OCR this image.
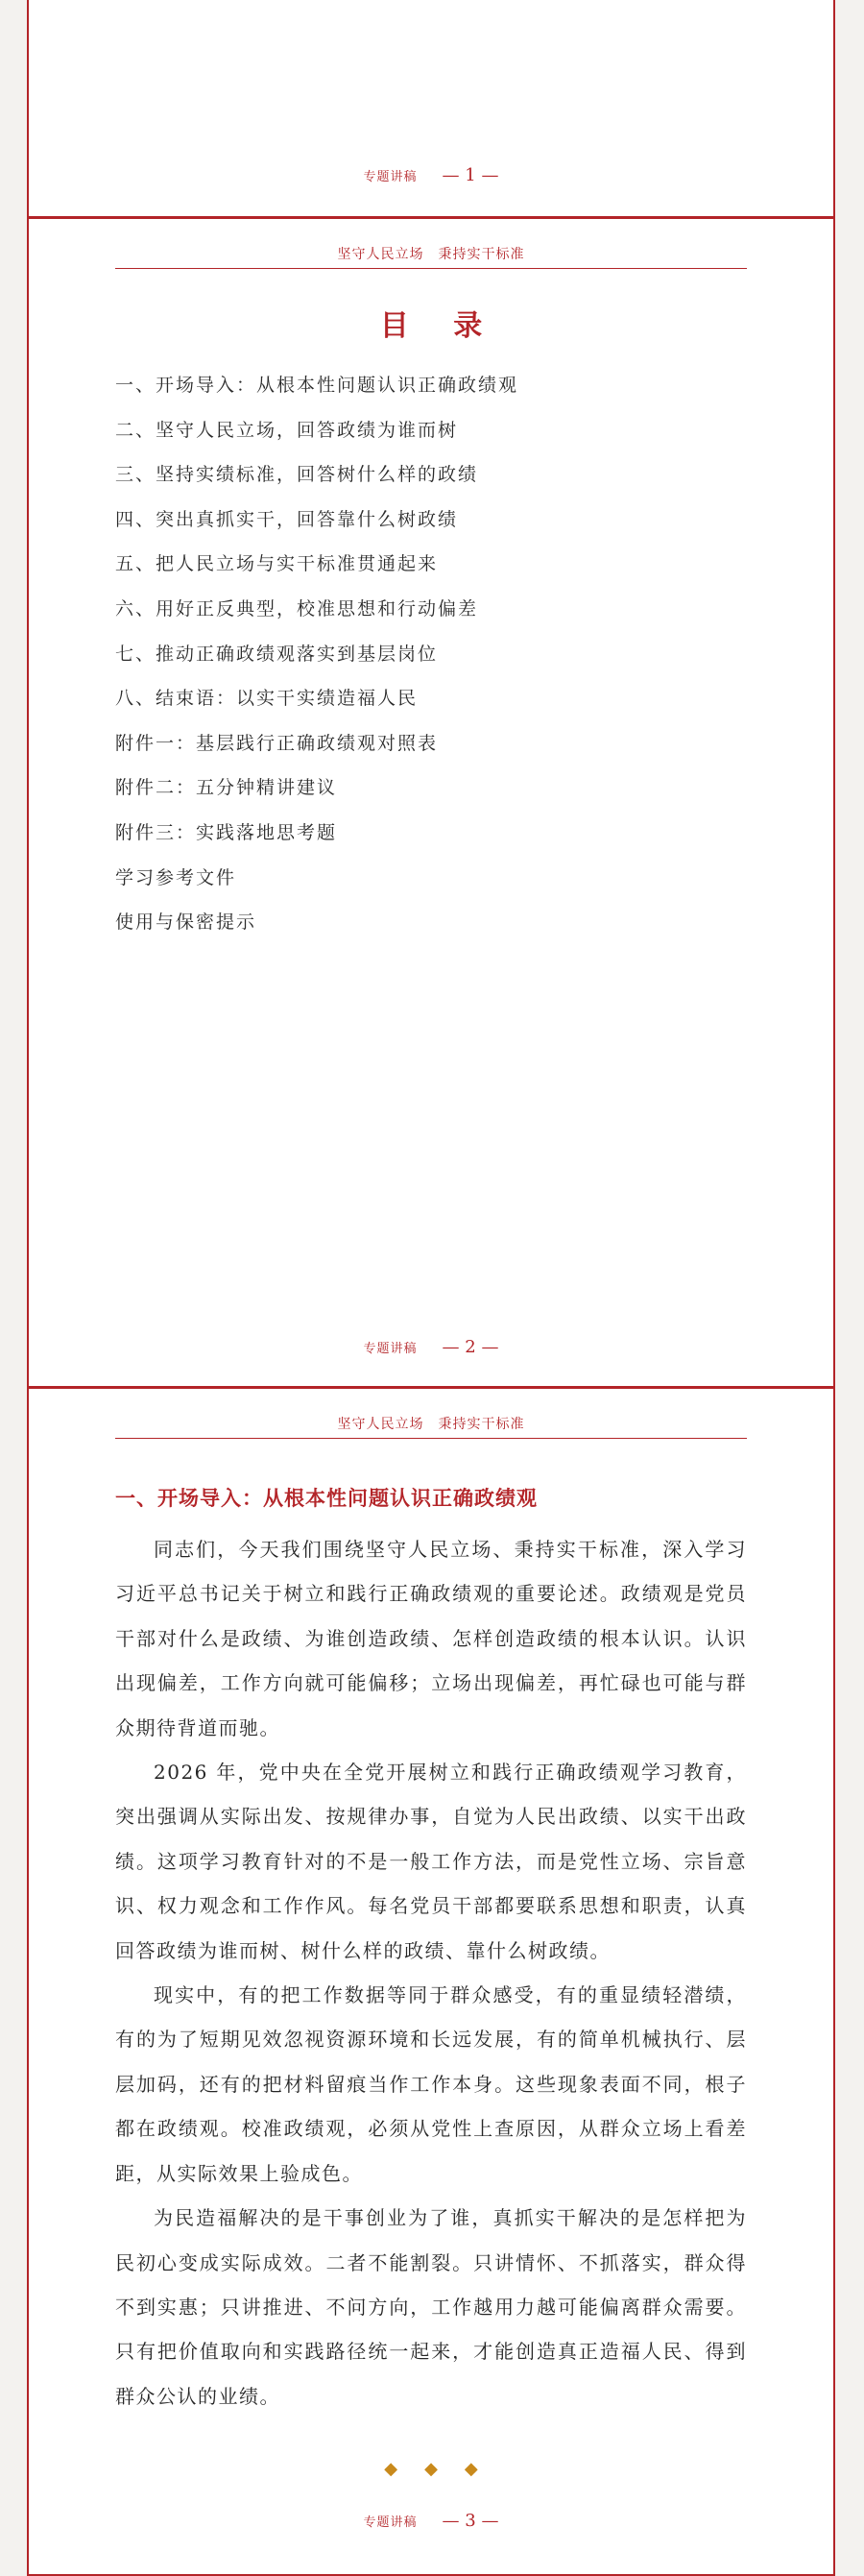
专题讲稿 — 1 —
坚守人民立场　秉持实干标准
目 录
一、开场导入：从根本性问题认识正确政绩观
二、坚守人民立场，回答政绩为谁而树
三、坚持实绩标准，回答树什么样的政绩
四、突出真抓实干，回答靠什么树政绩
五、把人民立场与实干标准贯通起来
六、用好正反典型，校准思想和行动偏差
七、推动正确政绩观落实到基层岗位
八、结束语：以实干实绩造福人民
附件一：基层践行正确政绩观对照表
附件二：五分钟精讲建议
附件三：实践落地思考题
学习参考文件
使用与保密提示
专题讲稿 — 2 —
坚守人民立场　秉持实干标准
一、开场导入：从根本性问题认识正确政绩观

同志们，今天我们围绕坚守人民立场、秉持实干标准，深入学习习近平总书记关于树立和践行正确政绩观的重要论述。政绩观是党员干部对什么是政绩、为谁创造政绩、怎样创造政绩的根本认识。认识出现偏差，工作方向就可能偏移；立场出现偏差，再忙碌也可能与群众期待背道而驰。

2026 年，党中央在全党开展树立和践行正确政绩观学习教育，突出强调从实际出发、按规律办事，自觉为人民出政绩、以实干出政绩。这项学习教育针对的不是一般工作方法，而是党性立场、宗旨意识、权力观念和工作作风。每名党员干部都要联系思想和职责，认真回答政绩为谁而树、树什么样的政绩、靠什么树政绩。

现实中，有的把工作数据等同于群众感受，有的重显绩轻潜绩，有的为了短期见效忽视资源环境和长远发展，有的简单机械执行、层层加码，还有的把材料留痕当作工作本身。这些现象表面不同，根子都在政绩观。校准政绩观，必须从党性上查原因，从群众立场上看差距，从实际效果上验成色。

为民造福解决的是干事创业为了谁，真抓实干解决的是怎样把为民初心变成实际成效。二者不能割裂。只讲情怀、不抓落实，群众得不到实惠；只讲推进、不问方向，工作越用力越可能偏离群众需要。只有把价值取向和实践路径统一起来，才能创造真正造福人民、得到群众公认的业绩。

◆◆◆
专题讲稿 — 3 —
